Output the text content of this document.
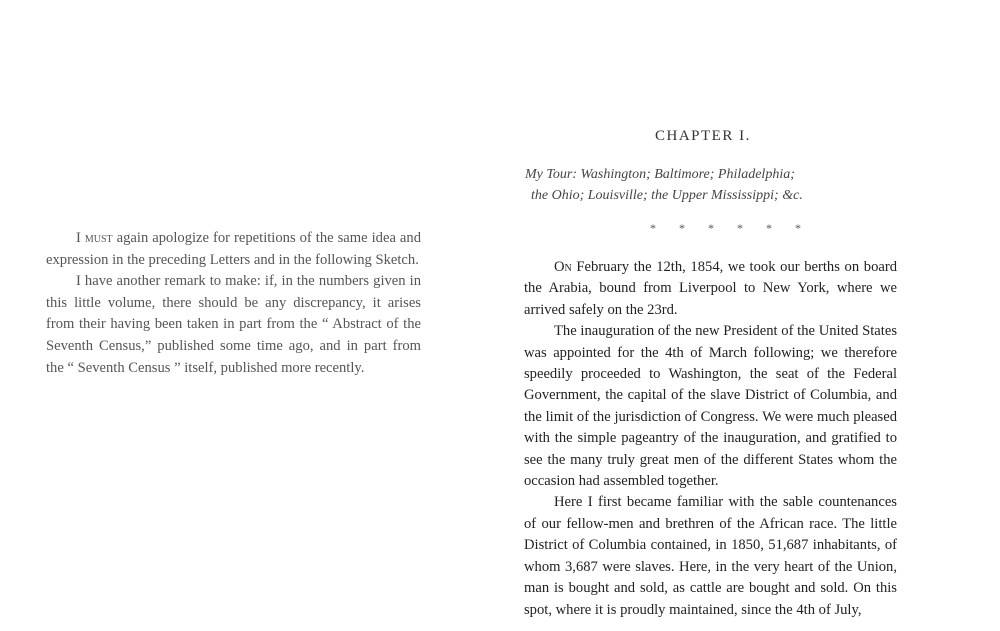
I must again apologize for repetitions of the same idea and expression in the preceding Letters and in the following Sketch.

I have another remark to make: if, in the numbers given in this little volume, there should be any discrepancy, it arises from their having been taken in part from the “ Abstract of the Seventh Census,” published some time ago, and in part from the “ Seventh Census ” itself, published more recently.

CHAPTER I.
My Tour: Washington; Baltimore; Philadelphia;
the Ohio; Louisville; the Upper Mississippi; &c.
* * * * * *

On February the 12th, 1854, we took our berths on board the Arabia, bound from Liverpool to New York, where we arrived safely on the 23rd.

The inauguration of the new President of the United States was appointed for the 4th of March following; we therefore speedily proceeded to Washington, the seat of the Federal Government, the capital of the slave District of Columbia, and the limit of the jurisdiction of Congress. We were much pleased with the simple pageantry of the inauguration, and gratified to see the many truly great men of the different States whom the occasion had assembled together.

Here I first became familiar with the sable countenances of our fellow-men and brethren of the African race. The little District of Columbia contained, in 1850, 51,687 inhabitants, of whom 3,687 were slaves. Here, in the very heart of the Union, man is bought and sold, as cattle are bought and sold. On this spot, where it is proudly maintained, since the 4th of July,
